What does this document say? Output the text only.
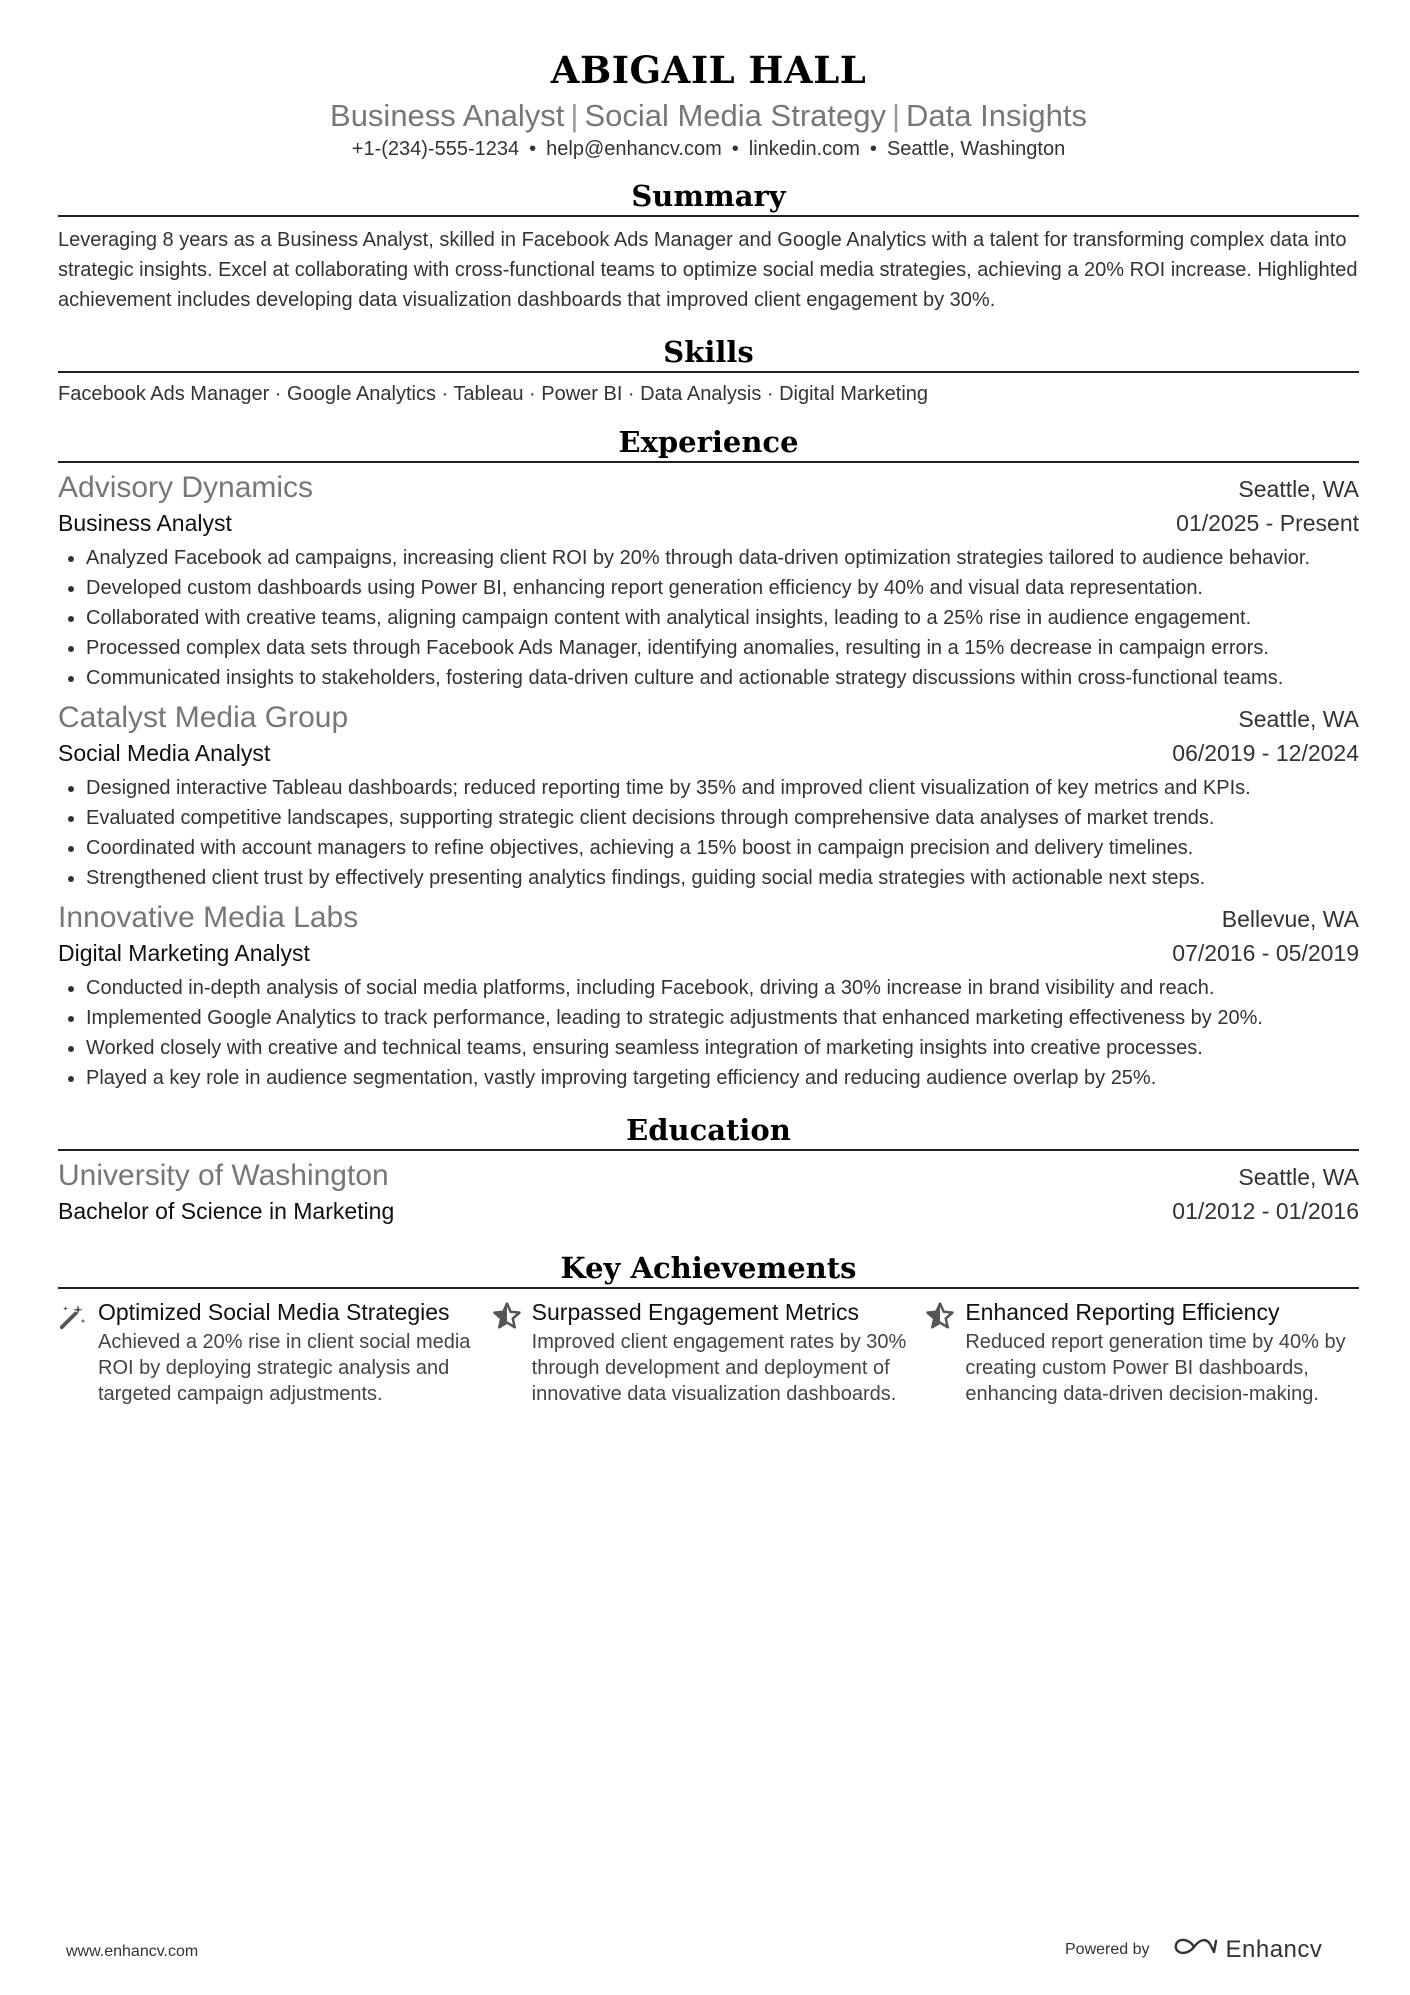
ABIGAIL HALL
Business Analyst | Social Media Strategy | Data Insights
+1-(234)-555-1234 • help@enhancv.com • linkedin.com • Seattle, Washington
Summary
Leveraging 8 years as a Business Analyst, skilled in Facebook Ads Manager and Google Analytics with a talent for transforming complex data into strategic insights. Excel at collaborating with cross-functional teams to optimize social media strategies, achieving a 20% ROI increase. Highlighted achievement includes developing data visualization dashboards that improved client engagement by 30%.
Skills
Facebook Ads Manager · Google Analytics · Tableau · Power BI · Data Analysis · Digital Marketing
Experience
Advisory Dynamics	Seattle, WA
Business Analyst	01/2025 - Present
• Analyzed Facebook ad campaigns, increasing client ROI by 20% through data-driven optimization strategies tailored to audience behavior.
• Developed custom dashboards using Power BI, enhancing report generation efficiency by 40% and visual data representation.
• Collaborated with creative teams, aligning campaign content with analytical insights, leading to a 25% rise in audience engagement.
• Processed complex data sets through Facebook Ads Manager, identifying anomalies, resulting in a 15% decrease in campaign errors.
• Communicated insights to stakeholders, fostering data-driven culture and actionable strategy discussions within cross-functional teams.
Catalyst Media Group	Seattle, WA
Social Media Analyst	06/2019 - 12/2024
• Designed interactive Tableau dashboards; reduced reporting time by 35% and improved client visualization of key metrics and KPIs.
• Evaluated competitive landscapes, supporting strategic client decisions through comprehensive data analyses of market trends.
• Coordinated with account managers to refine objectives, achieving a 15% boost in campaign precision and delivery timelines.
• Strengthened client trust by effectively presenting analytics findings, guiding social media strategies with actionable next steps.
Innovative Media Labs	Bellevue, WA
Digital Marketing Analyst	07/2016 - 05/2019
• Conducted in-depth analysis of social media platforms, including Facebook, driving a 30% increase in brand visibility and reach.
• Implemented Google Analytics to track performance, leading to strategic adjustments that enhanced marketing effectiveness by 20%.
• Worked closely with creative and technical teams, ensuring seamless integration of marketing insights into creative processes.
• Played a key role in audience segmentation, vastly improving targeting efficiency and reducing audience overlap by 25%.
Education
University of Washington	Seattle, WA
Bachelor of Science in Marketing	01/2012 - 01/2016
Key Achievements
Optimized Social Media Strategies
Achieved a 20% rise in client social media ROI by deploying strategic analysis and targeted campaign adjustments.
Surpassed Engagement Metrics
Improved client engagement rates by 30% through development and deployment of innovative data visualization dashboards.
Enhanced Reporting Efficiency
Reduced report generation time by 40% by creating custom Power BI dashboards, enhancing data-driven decision-making.
www.enhancv.com	Powered by	Enhancv
